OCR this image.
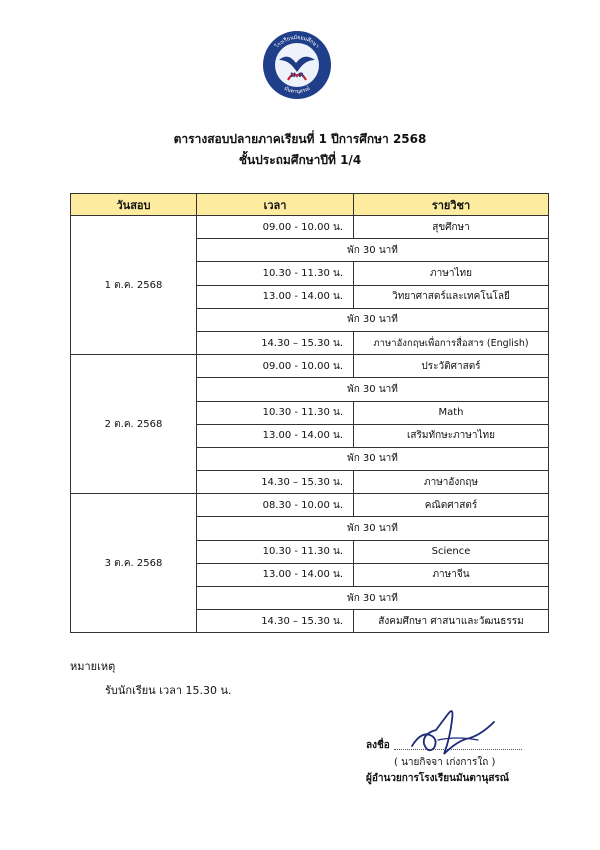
โรงเรียนมัธยมศึกษา
มันตานุสรณ์
ม ต
ตารางสอบปลายภาคเรียนที่ 1 ปีการศึกษา 2568
ชั้นประถมศึกษาปีที่ 1/4
วันสอบ	เวลา	รายวิชา
1 ต.ค. 2568	09.00 - 10.00 น.	สุขศึกษา
	พัก 30 นาที	
	10.30 - 11.30 น.	ภาษาไทย
	13.00 - 14.00 น.	วิทยาศาสตร์และเทคโนโลยี
	พัก 30 นาที	
	14.30 – 15.30 น.	ภาษาอังกฤษเพื่อการสื่อสาร (English)
2 ต.ค. 2568	09.00 - 10.00 น.	ประวัติศาสตร์
	พัก 30 นาที	
	10.30 - 11.30 น.	Math
	13.00 - 14.00 น.	เสริมทักษะภาษาไทย
	พัก 30 นาที	
	14.30 – 15.30 น.	ภาษาอังกฤษ
3 ต.ค. 2568	08.30 - 10.00 น.	คณิตศาสตร์
	พัก 30 นาที	
	10.30 - 11.30 น.	Science
	13.00 - 14.00 น.	ภาษาจีน
	พัก 30 นาที	
	14.30 – 15.30 น.	สังคมศึกษา ศาสนาและวัฒนธรรม
หมายเหตุ
รับนักเรียน เวลา 15.30 น.
ลงชื่อ
( นายกิจจา เก่งการใถ )
ผู้อำนวยการโรงเรียนมันตานุสรณ์
